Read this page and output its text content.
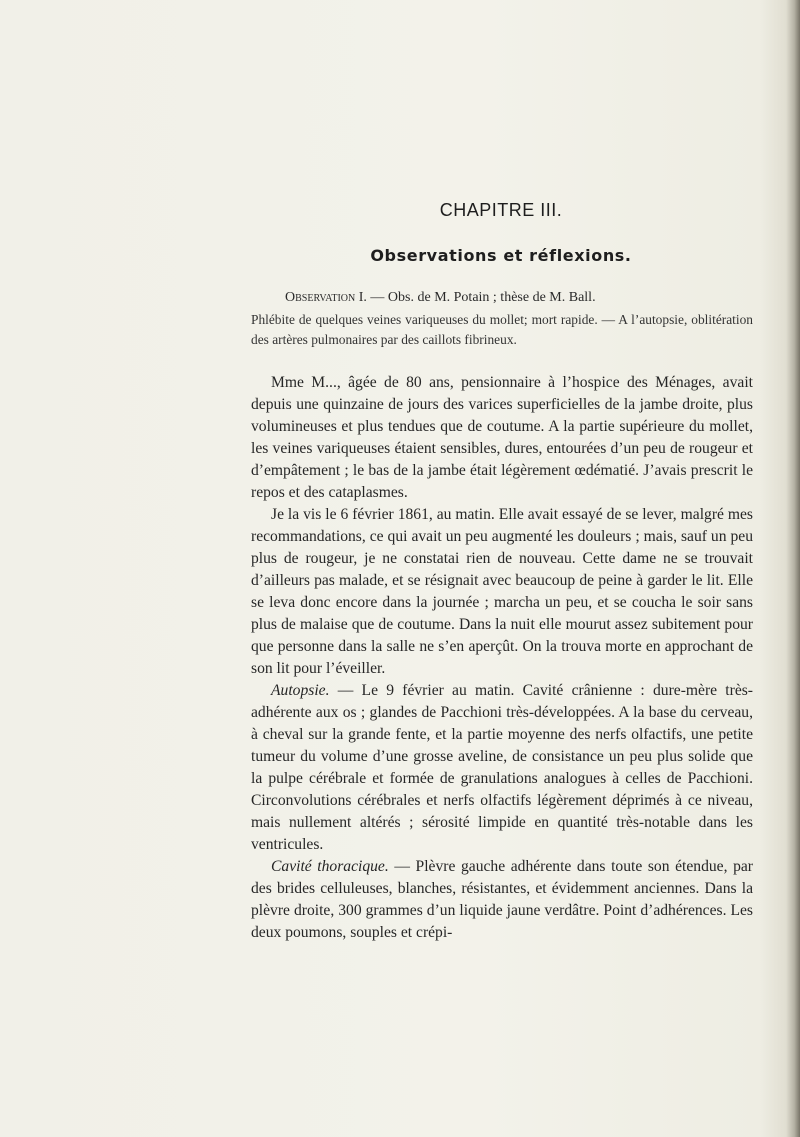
CHAPITRE III.
Observations et réflexions.
Observation I. — Obs. de M. Potain ; thèse de M. Ball.
Phlébite de quelques veines variqueuses du mollet; mort rapide. — A l’autopsie, oblitération des artères pulmonaires par des caillots fibrineux.

Mme M..., âgée de 80 ans, pensionnaire à l’hospice des Ménages, avait depuis une quinzaine de jours des varices superficielles de la jambe droite, plus volumineuses et plus tendues que de coutume. A la partie supérieure du mollet, les veines variqueuses étaient sensibles, dures, entourées d’un peu de rougeur et d’empâtement ; le bas de la jambe était légèrement œdématié. J’avais prescrit le repos et des cataplasmes.

Je la vis le 6 février 1861, au matin. Elle avait essayé de se lever, malgré mes recommandations, ce qui avait un peu augmenté les douleurs ; mais, sauf un peu plus de rougeur, je ne constatai rien de nouveau. Cette dame ne se trouvait d’ailleurs pas malade, et se résignait avec beaucoup de peine à garder le lit. Elle se leva donc encore dans la journée ; marcha un peu, et se coucha le soir sans plus de malaise que de coutume. Dans la nuit elle mourut assez subitement pour que personne dans la salle ne s’en aperçût. On la trouva morte en approchant de son lit pour l’éveiller.

Autopsie. — Le 9 février au matin. Cavité crânienne : dure-mère très-adhérente aux os ; glandes de Pacchioni très-développées. A la base du cerveau, à cheval sur la grande fente, et la partie moyenne des nerfs olfactifs, une petite tumeur du volume d’une grosse aveline, de consistance un peu plus solide que la pulpe cérébrale et formée de granulations analogues à celles de Pacchioni. Circonvolutions cérébrales et nerfs olfactifs légèrement déprimés à ce niveau, mais nullement altérés ; sérosité limpide en quantité très-notable dans les ventricules.

Cavité thoracique. — Plèvre gauche adhérente dans toute son étendue, par des brides celluleuses, blanches, résistantes, et évidemment anciennes. Dans la plèvre droite, 300 grammes d’un liquide jaune verdâtre. Point d’adhérences. Les deux poumons, souples et crépi-
